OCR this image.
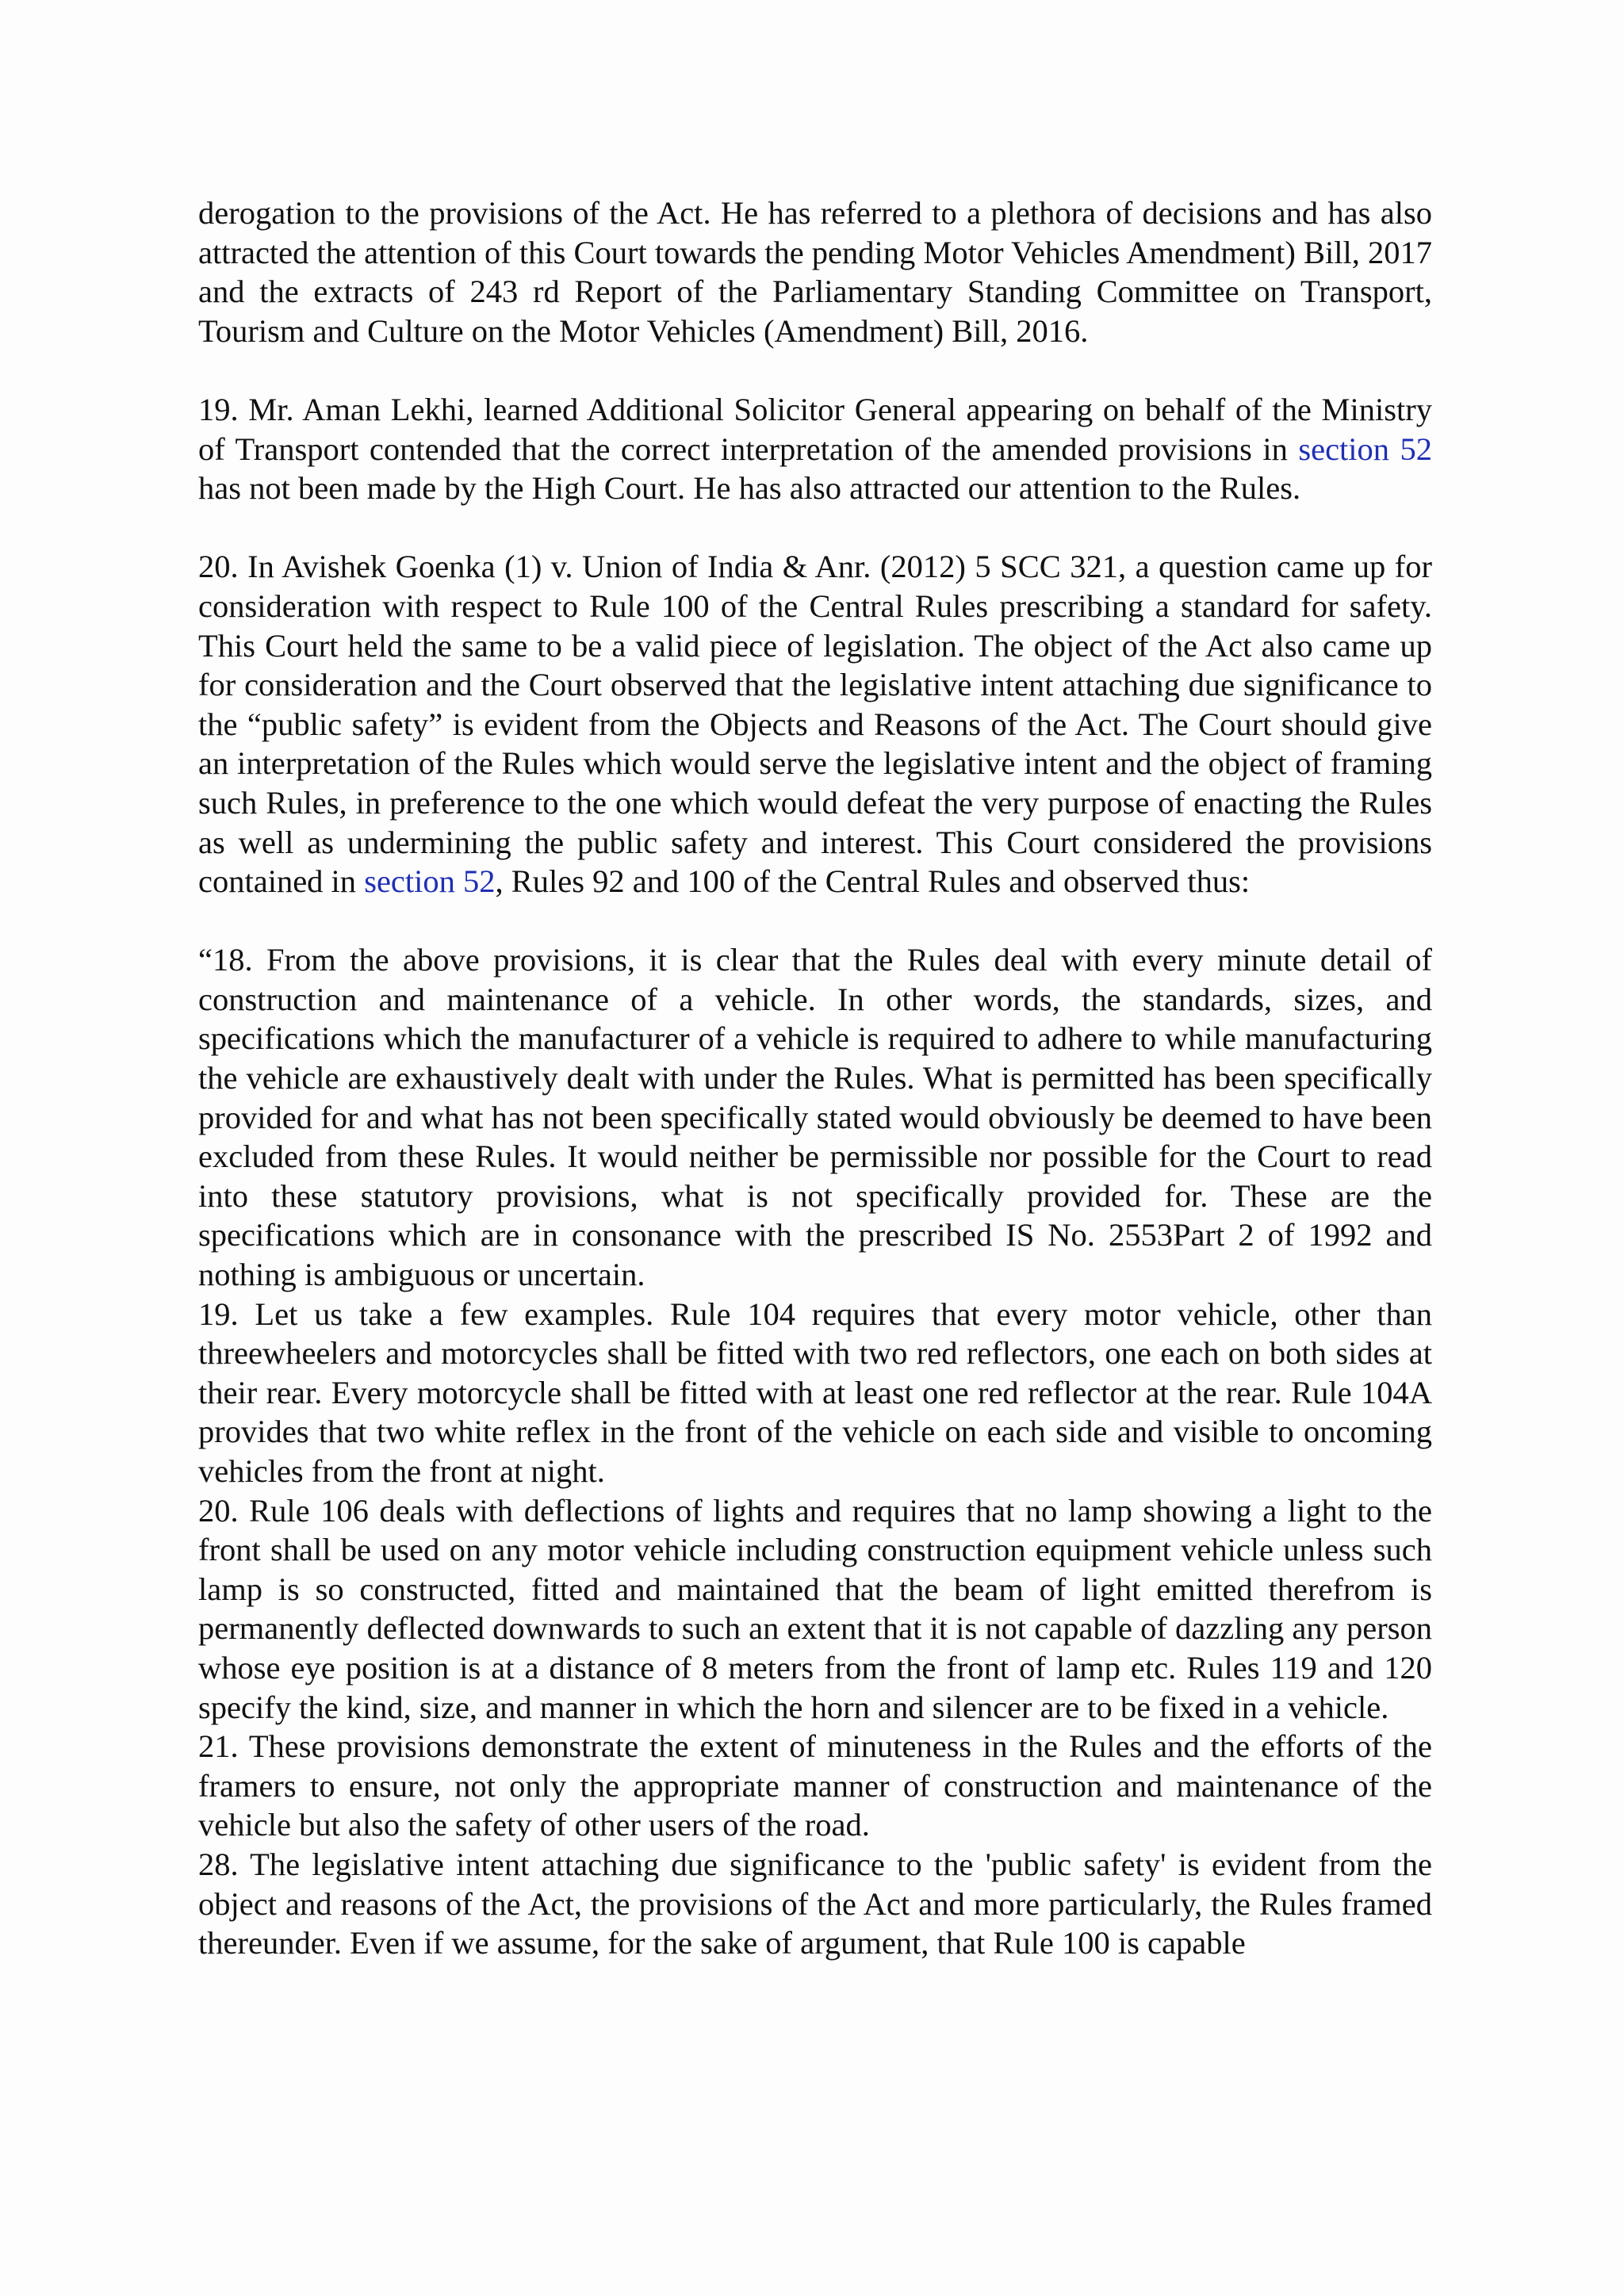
derogation to the provisions of the Act. He has referred to a plethora of decisions and has also attracted the attention of this Court towards the pending Motor Vehicles Amendment) Bill, 2017 and the extracts of 243 rd Report of the Parliamentary Standing Committee on Transport, Tourism and Culture on the Motor Vehicles (Amendment) Bill, 2016.

19. Mr. Aman Lekhi, learned Additional Solicitor General appearing on behalf of the Ministry of Transport contended that the correct interpretation of the amended provisions in section 52 has not been made by the High Court. He has also attracted our attention to the Rules.

20. In Avishek Goenka (1) v. Union of India & Anr. (2012) 5 SCC 321, a question came up for consideration with respect to Rule 100 of the Central Rules prescribing a standard for safety. This Court held the same to be a valid piece of legislation. The object of the Act also came up for consideration and the Court observed that the legislative intent attaching due significance to the “public safety” is evident from the Objects and Reasons of the Act. The Court should give an interpretation of the Rules which would serve the legislative intent and the object of framing such Rules, in preference to the one which would defeat the very purpose of enacting the Rules as well as undermining the public safety and interest. This Court considered the provisions contained in section 52, Rules 92 and 100 of the Central Rules and observed thus:

“18. From the above provisions, it is clear that the Rules deal with every minute detail of construction and maintenance of a vehicle. In other words, the standards, sizes, and specifications which the manufacturer of a vehicle is required to adhere to while manufacturing the vehicle are exhaustively dealt with under the Rules. What is permitted has been specifically provided for and what has not been specifically stated would obviously be deemed to have been excluded from these Rules. It would neither be permissible nor possible for the Court to read into these statutory provisions, what is not specifically provided for. These are the specifications which are in consonance with the prescribed IS No. 2553Part 2 of 1992 and nothing is ambiguous or uncertain.

19. Let us take a few examples. Rule 104 requires that every motor vehicle, other than threewheelers and motorcycles shall be fitted with two red reflectors, one each on both sides at their rear. Every motorcycle shall be fitted with at least one red reflector at the rear. Rule 104A provides that two white reflex in the front of the vehicle on each side and visible to oncoming vehicles from the front at night.

20. Rule 106 deals with deflections of lights and requires that no lamp showing a light to the front shall be used on any motor vehicle including construction equipment vehicle unless such lamp is so constructed, fitted and maintained that the beam of light emitted therefrom is permanently deflected downwards to such an extent that it is not capable of dazzling any person whose eye position is at a distance of 8 meters from the front of lamp etc. Rules 119 and 120 specify the kind, size, and manner in which the horn and silencer are to be fixed in a vehicle.

21. These provisions demonstrate the extent of minuteness in the Rules and the efforts of the framers to ensure, not only the appropriate manner of construction and maintenance of the vehicle but also the safety of other users of the road.

28. The legislative intent attaching due significance to the 'public safety' is evident from the object and reasons of the Act, the provisions of the Act and more particularly, the Rules framed thereunder. Even if we assume, for the sake of argument, that Rule 100 is capable
